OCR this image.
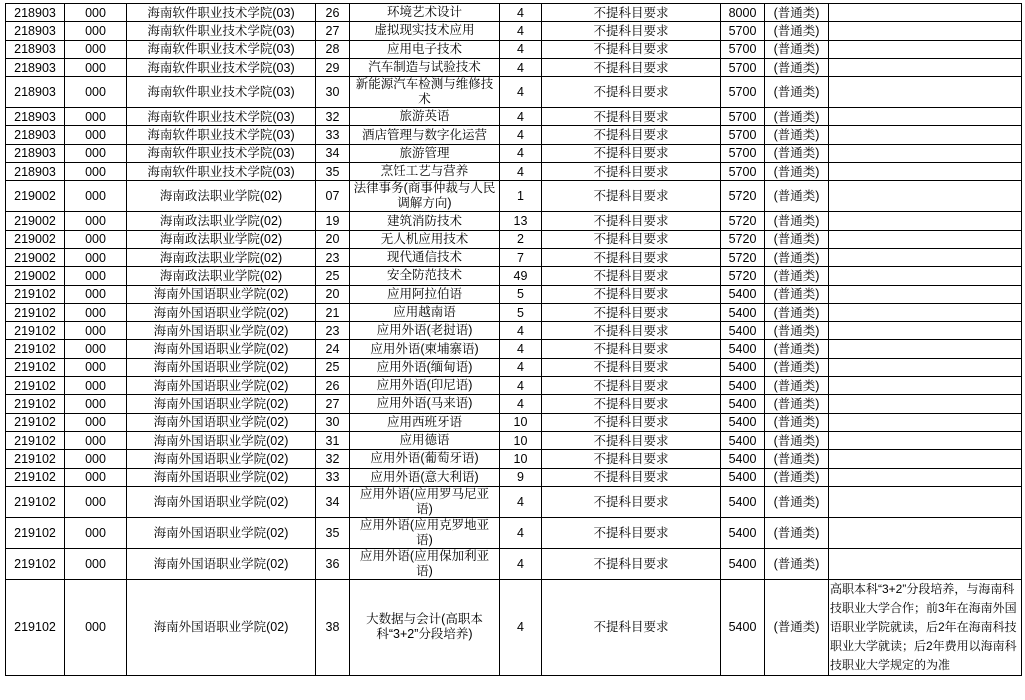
218903	000	海南软件职业技术学院(03)	26	环境艺术设计	4	不提科目要求	8000	(普通类)	
218903	000	海南软件职业技术学院(03)	27	虚拟现实技术应用	4	不提科目要求	5700	(普通类)	
218903	000	海南软件职业技术学院(03)	28	应用电子技术	4	不提科目要求	5700	(普通类)	
218903	000	海南软件职业技术学院(03)	29	汽车制造与试验技术	4	不提科目要求	5700	(普通类)	
218903	000	海南软件职业技术学院(03)	30	新能源汽车检测与维修技术	4	不提科目要求	5700	(普通类)	
218903	000	海南软件职业技术学院(03)	32	旅游英语	4	不提科目要求	5700	(普通类)	
218903	000	海南软件职业技术学院(03)	33	酒店管理与数字化运营	4	不提科目要求	5700	(普通类)	
218903	000	海南软件职业技术学院(03)	34	旅游管理	4	不提科目要求	5700	(普通类)	
218903	000	海南软件职业技术学院(03)	35	烹饪工艺与营养	4	不提科目要求	5700	(普通类)	
219002	000	海南政法职业学院(02)	07	法律事务(商事仲裁与人民调解方向)	1	不提科目要求	5720	(普通类)	
219002	000	海南政法职业学院(02)	19	建筑消防技术	13	不提科目要求	5720	(普通类)	
219002	000	海南政法职业学院(02)	20	无人机应用技术	2	不提科目要求	5720	(普通类)	
219002	000	海南政法职业学院(02)	23	现代通信技术	7	不提科目要求	5720	(普通类)	
219002	000	海南政法职业学院(02)	25	安全防范技术	49	不提科目要求	5720	(普通类)	
219102	000	海南外国语职业学院(02)	20	应用阿拉伯语	5	不提科目要求	5400	(普通类)	
219102	000	海南外国语职业学院(02)	21	应用越南语	5	不提科目要求	5400	(普通类)	
219102	000	海南外国语职业学院(02)	23	应用外语(老挝语)	4	不提科目要求	5400	(普通类)	
219102	000	海南外国语职业学院(02)	24	应用外语(柬埔寨语)	4	不提科目要求	5400	(普通类)	
219102	000	海南外国语职业学院(02)	25	应用外语(缅甸语)	4	不提科目要求	5400	(普通类)	
219102	000	海南外国语职业学院(02)	26	应用外语(印尼语)	4	不提科目要求	5400	(普通类)	
219102	000	海南外国语职业学院(02)	27	应用外语(马来语)	4	不提科目要求	5400	(普通类)	
219102	000	海南外国语职业学院(02)	30	应用西班牙语	10	不提科目要求	5400	(普通类)	
219102	000	海南外国语职业学院(02)	31	应用德语	10	不提科目要求	5400	(普通类)	
219102	000	海南外国语职业学院(02)	32	应用外语(葡萄牙语)	10	不提科目要求	5400	(普通类)	
219102	000	海南外国语职业学院(02)	33	应用外语(意大利语)	9	不提科目要求	5400	(普通类)	
219102	000	海南外国语职业学院(02)	34	应用外语(应用罗马尼亚语)	4	不提科目要求	5400	(普通类)	
219102	000	海南外国语职业学院(02)	35	应用外语(应用克罗地亚语)	4	不提科目要求	5400	(普通类)	
219102	000	海南外国语职业学院(02)	36	应用外语(应用保加利亚语)	4	不提科目要求	5400	(普通类)	
219102	000	海南外国语职业学院(02)	38	大数据与会计(高职本科“3+2”分段培养)	4	不提科目要求	5400	(普通类)	高职本科“3+2”分段培养，与海南科技职业大学合作；前3年在海南外国语职业学院就读，后2年在海南科技职业大学就读；后2年费用以海南科技职业大学规定的为准
